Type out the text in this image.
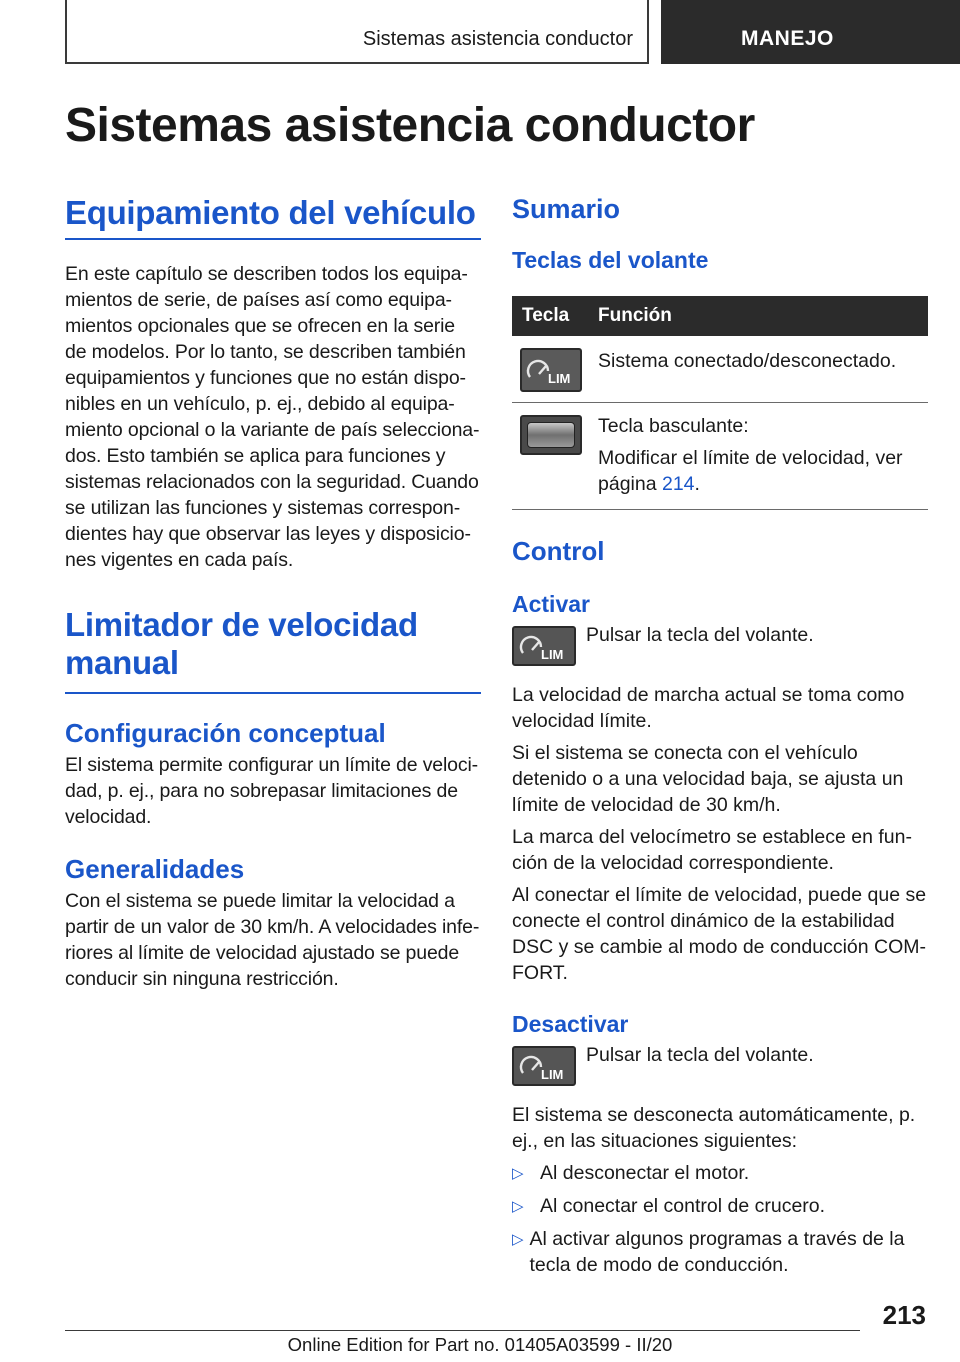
Sistemas asistencia conductor	MANEJO
Sistemas asistencia conductor
Equipamiento del vehículo

En este capítulo se describen todos los equipamientos de serie, de países así como equipamientos opcionales que se ofrecen en la serie de modelos. Por lo tanto, se describen también equipamientos y funciones que no están disponibles en un vehículo, p. ej., debido al equipamiento opcional o la variante de país seleccionados. Esto también se aplica para funciones y sistemas relacionados con la seguridad. Cuando se utilizan las funciones y sistemas correspondientes hay que observar las leyes y disposiciones vigentes en cada país.

Limitador de velocidad manual
Configuración conceptual

El sistema permite configurar un límite de velocidad, p. ej., para no sobrepasar limitaciones de velocidad.

Generalidades

Con el sistema se puede limitar la velocidad a partir de un valor de 30 km/h. A velocidades inferiores al límite de velocidad ajustado se puede conducir sin ninguna restricción.

Sumario
Teclas del volante
Tecla	Función

LIM	Sistema conectado/desconectado.

	Tecla basculante:
Modificar el límite de velocidad, ver página 214.
Control
Activar
LIM

Pulsar la tecla del volante.

La velocidad de marcha actual se toma como velocidad límite.

Si el sistema se conecta con el vehículo detenido o a una velocidad baja, se ajusta un límite de velocidad de 30 km/h.

La marca del velocímetro se establece en función de la velocidad correspondiente.

Al conectar el límite de velocidad, puede que se conecte el control dinámico de la estabilidad DSC y se cambie al modo de conducción COMFORT.

Desactivar
LIM

Pulsar la tecla del volante.

El sistema se desconecta automáticamente, p. ej., en las situaciones siguientes:

▷ Al desconectar el motor.
▷ Al conectar el control de crucero.
▷ Al activar algunos programas a través de la tecla de modo de conducción.
213
Online Edition for Part no. 01405A03599 - II/20
